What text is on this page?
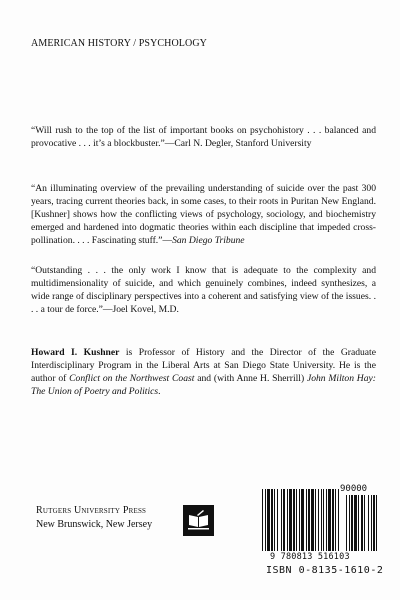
AMERICAN HISTORY / PSYCHOLOGY

“Will rush to the top of the list of important books on psychohistory . . . balanced and provocative . . . it’s a blockbuster.”—Carl N. Degler, Stanford University

“An illuminating overview of the prevailing understanding of suicide over the past 300 years, tracing current theories back, in some cases, to their roots in Puritan New England. [Kushner] shows how the conflicting views of psychology, sociology, and biochemistry emerged and hardened into dogmatic theories within each discipline that impeded cross-pollination. . . . Fascinating stuff.”—San Diego Tribune

“Outstanding . . . the only work I know that is adequate to the complexity and multidimensionality of suicide, and which genuinely combines, indeed synthesizes, a wide range of disciplinary perspectives into a coherent and satisfying view of the issues. . . . a tour de force.”—Joel Kovel, M.D.

Howard I. Kushner is Professor of History and the Director of the Graduate Interdisciplinary Program in the Liberal Arts at San Diego State University. He is the author of Conflict on the Northwest Coast and (with Anne H. Sherrill) John Milton Hay: The Union of Poetry and Politics.

Rutgers University Press
New Brunswick, New Jersey
90000
9 780813 516103
ISBN 0-8135-1610-2
